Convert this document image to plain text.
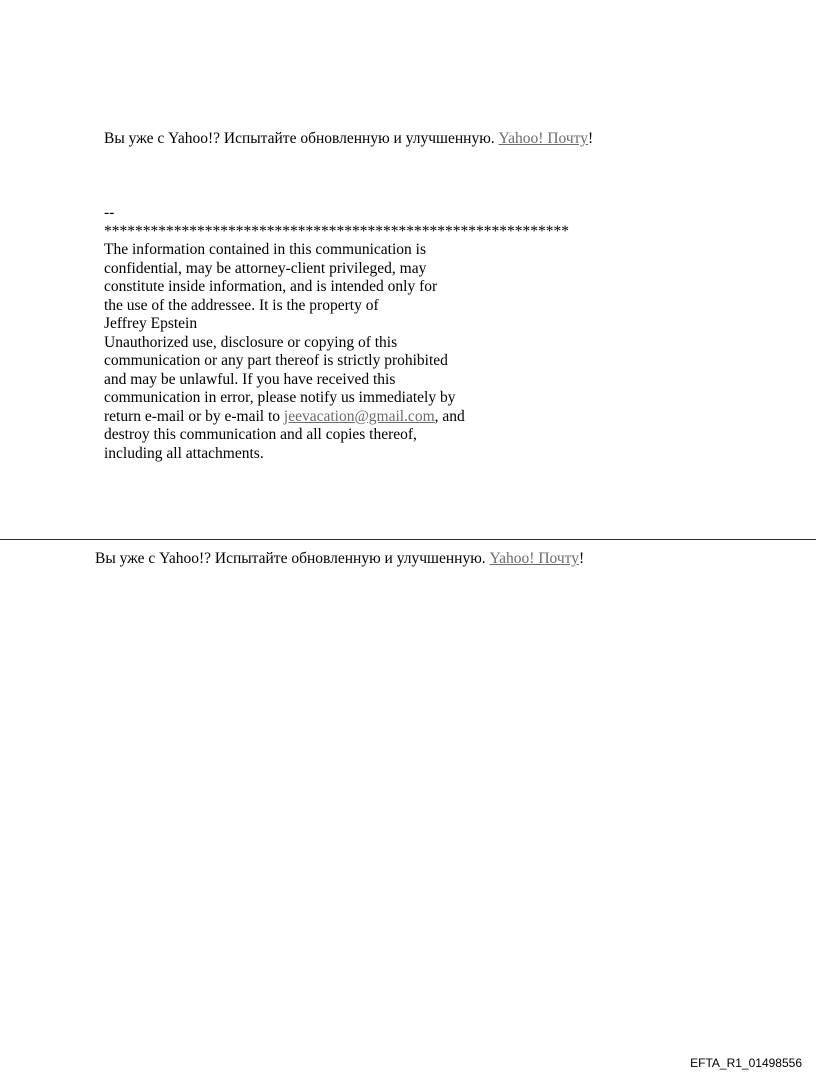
Вы уже с Yahoo!? Испытайте обновленную и улучшенную. Yahoo! Почту!
--
************************************************************
The information contained in this communication is
confidential, may be attorney-client privileged, may
constitute inside information, and is intended only for
the use of the addressee. It is the property of
Jeffrey Epstein
Unauthorized use, disclosure or copying of this
communication or any part thereof is strictly prohibited
and may be unlawful. If you have received this
communication in error, please notify us immediately by
return e-mail or by e-mail to jeevacation@gmail.com, and
destroy this communication and all copies thereof,
including all attachments.
Вы уже с Yahoo!? Испытайте обновленную и улучшенную. Yahoo! Почту!
EFTA_R1_01498556
